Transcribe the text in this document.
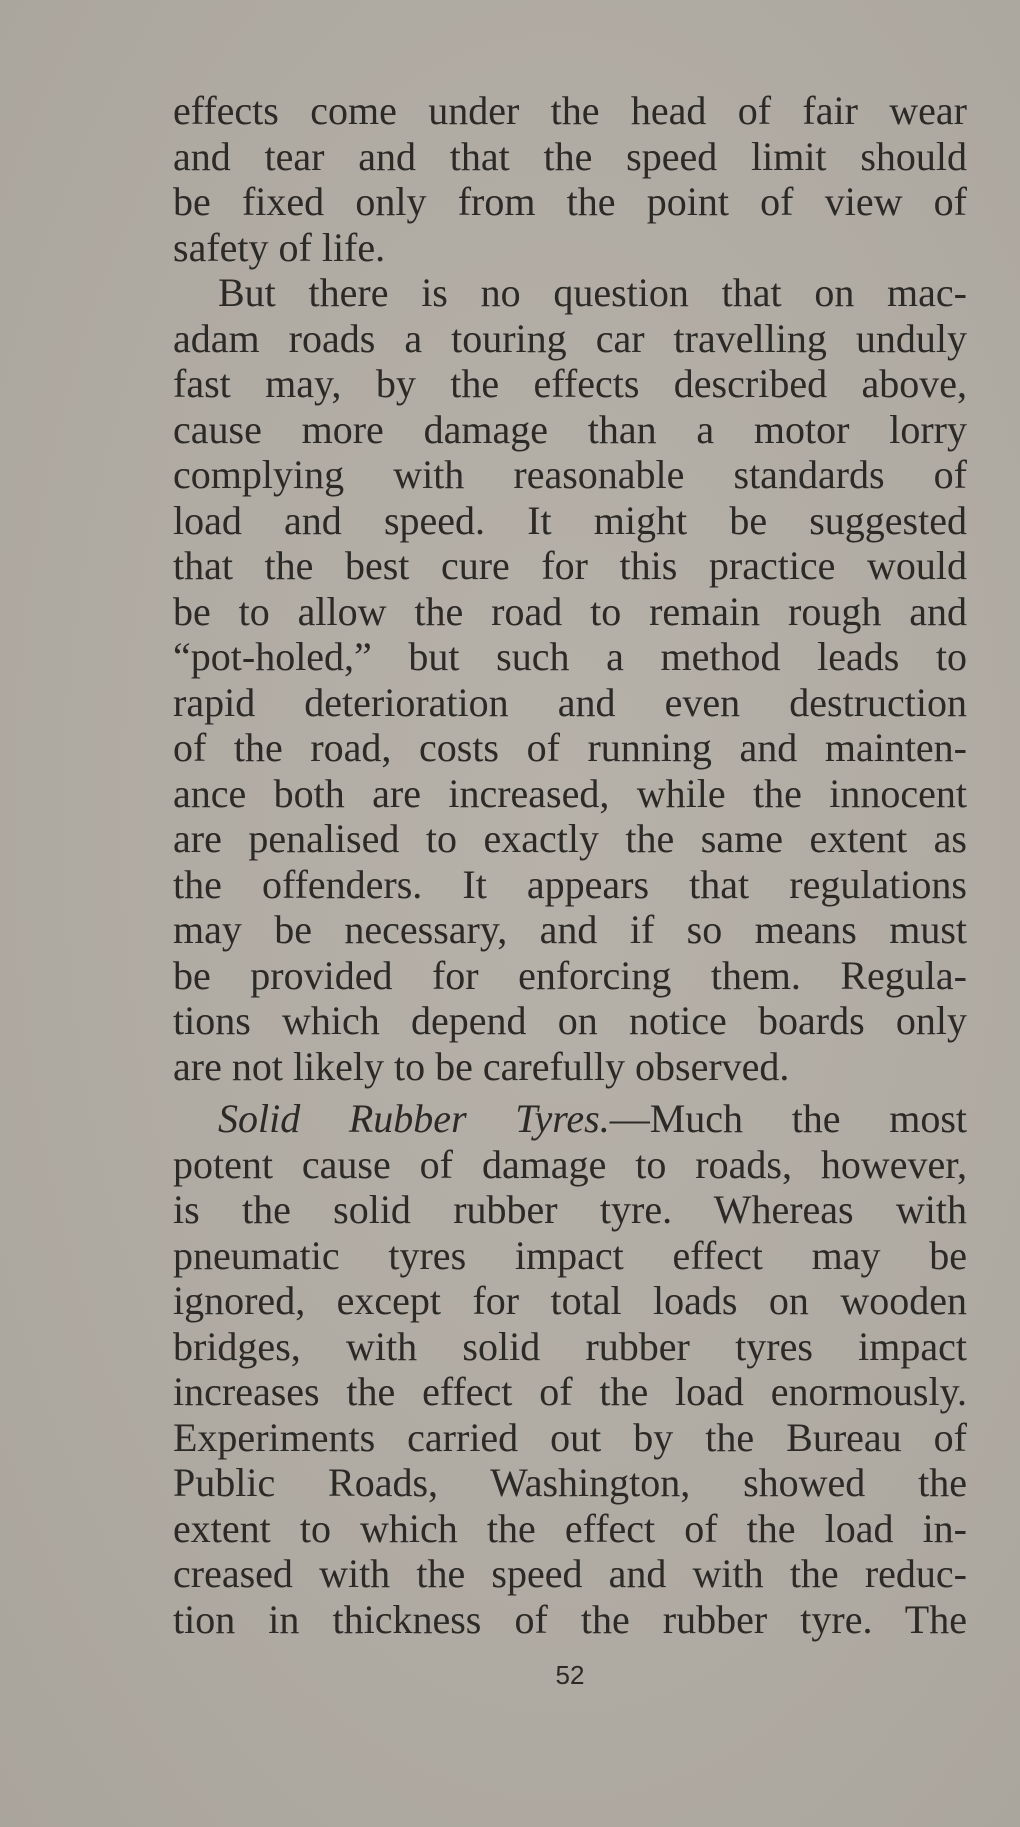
effects come under the head of fair wear
and tear and that the speed limit should
be fixed only from the point of view of
safety of life.
But there is no question that on mac-
adam roads a touring car travelling unduly
fast may, by the effects described above,
cause more damage than a motor lorry
complying with reasonable standards of
load and speed. It might be suggested
that the best cure for this practice would
be to allow the road to remain rough and
“pot-holed,” but such a method leads to
rapid deterioration and even destruction
of the road, costs of running and mainten-
ance both are increased, while the innocent
are penalised to exactly the same extent as
the offenders. It appears that regulations
may be necessary, and if so means must
be provided for enforcing them. Regula-
tions which depend on notice boards only
are not likely to be carefully observed.
Solid Rubber Tyres.—Much the most
potent cause of damage to roads, however,
is the solid rubber tyre. Whereas with
pneumatic tyres impact effect may be
ignored, except for total loads on wooden
bridges, with solid rubber tyres impact
increases the effect of the load enormously.
Experiments carried out by the Bureau of
Public Roads, Washington, showed the
extent to which the effect of the load in-
creased with the speed and with the reduc-
tion in thickness of the rubber tyre. The
52
